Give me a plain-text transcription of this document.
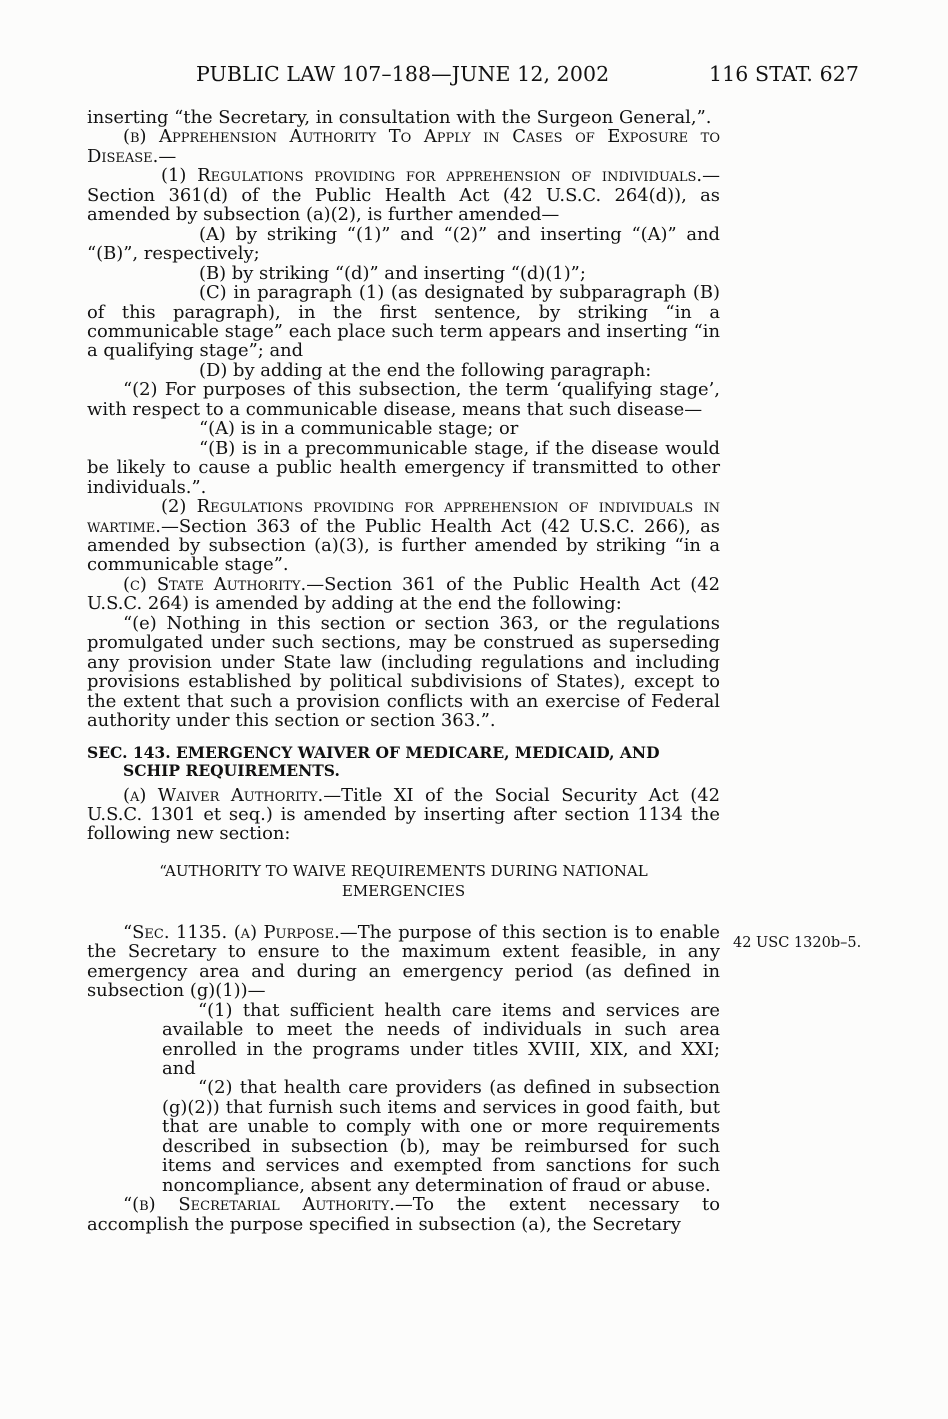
PUBLIC LAW 107–188—JUNE 12, 2002	116 STAT. 627
42 USC 1320b–5.

inserting “the Secretary, in consultation with the Surgeon General,”.

(b) Apprehension Authority To Apply in Cases of Exposure to Disease.—

(1) Regulations providing for apprehension of individuals.—Section 361(d) of the Public Health Act (42 U.S.C. 264(d)), as amended by subsection (a)(2), is further amended—

(A) by striking “(1)” and “(2)” and inserting “(A)” and “(B)”, respectively;

(B) by striking “(d)” and inserting “(d)(1)”;

(C) in paragraph (1) (as designated by subparagraph (B) of this paragraph), in the first sentence, by striking “in a communicable stage” each place such term appears and inserting “in a qualifying stage”; and

(D) by adding at the end the following paragraph:

“(2) For purposes of this subsection, the term ‘qualifying stage’, with respect to a communicable disease, means that such disease—

“(A) is in a communicable stage; or

“(B) is in a precommunicable stage, if the disease would be likely to cause a public health emergency if transmitted to other individuals.”.

(2) Regulations providing for apprehension of individuals in wartime.—Section 363 of the Public Health Act (42 U.S.C. 266), as amended by subsection (a)(3), is further amended by striking “in a communicable stage”.

(c) State Authority.—Section 361 of the Public Health Act (42 U.S.C. 264) is amended by adding at the end the following:

“(e) Nothing in this section or section 363, or the regulations promulgated under such sections, may be construed as superseding any provision under State law (including regulations and including provisions established by political subdivisions of States), except to the extent that such a provision conflicts with an exercise of Federal authority under this section or section 363.”.

SEC. 143. EMERGENCY WAIVER OF MEDICARE, MEDICAID, AND SCHIP REQUIREMENTS.

(a) Waiver Authority.—Title XI of the Social Security Act (42 U.S.C. 1301 et seq.) is amended by inserting after section 1134 the following new section:

“AUTHORITY TO WAIVE REQUIREMENTS DURING NATIONAL EMERGENCIES

“Sec. 1135. (a) Purpose.—The purpose of this section is to enable the Secretary to ensure to the maximum extent feasible, in any emergency area and during an emergency period (as defined in subsection (g)(1))—

“(1) that sufficient health care items and services are available to meet the needs of individuals in such area enrolled in the programs under titles XVIII, XIX, and XXI; and

“(2) that health care providers (as defined in subsection (g)(2)) that furnish such items and services in good faith, but that are unable to comply with one or more requirements described in subsection (b), may be reimbursed for such items and services and exempted from sanctions for such noncompliance, absent any determination of fraud or abuse.

“(b) Secretarial Authority.—To the extent necessary to accomplish the purpose specified in subsection (a), the Secretary
